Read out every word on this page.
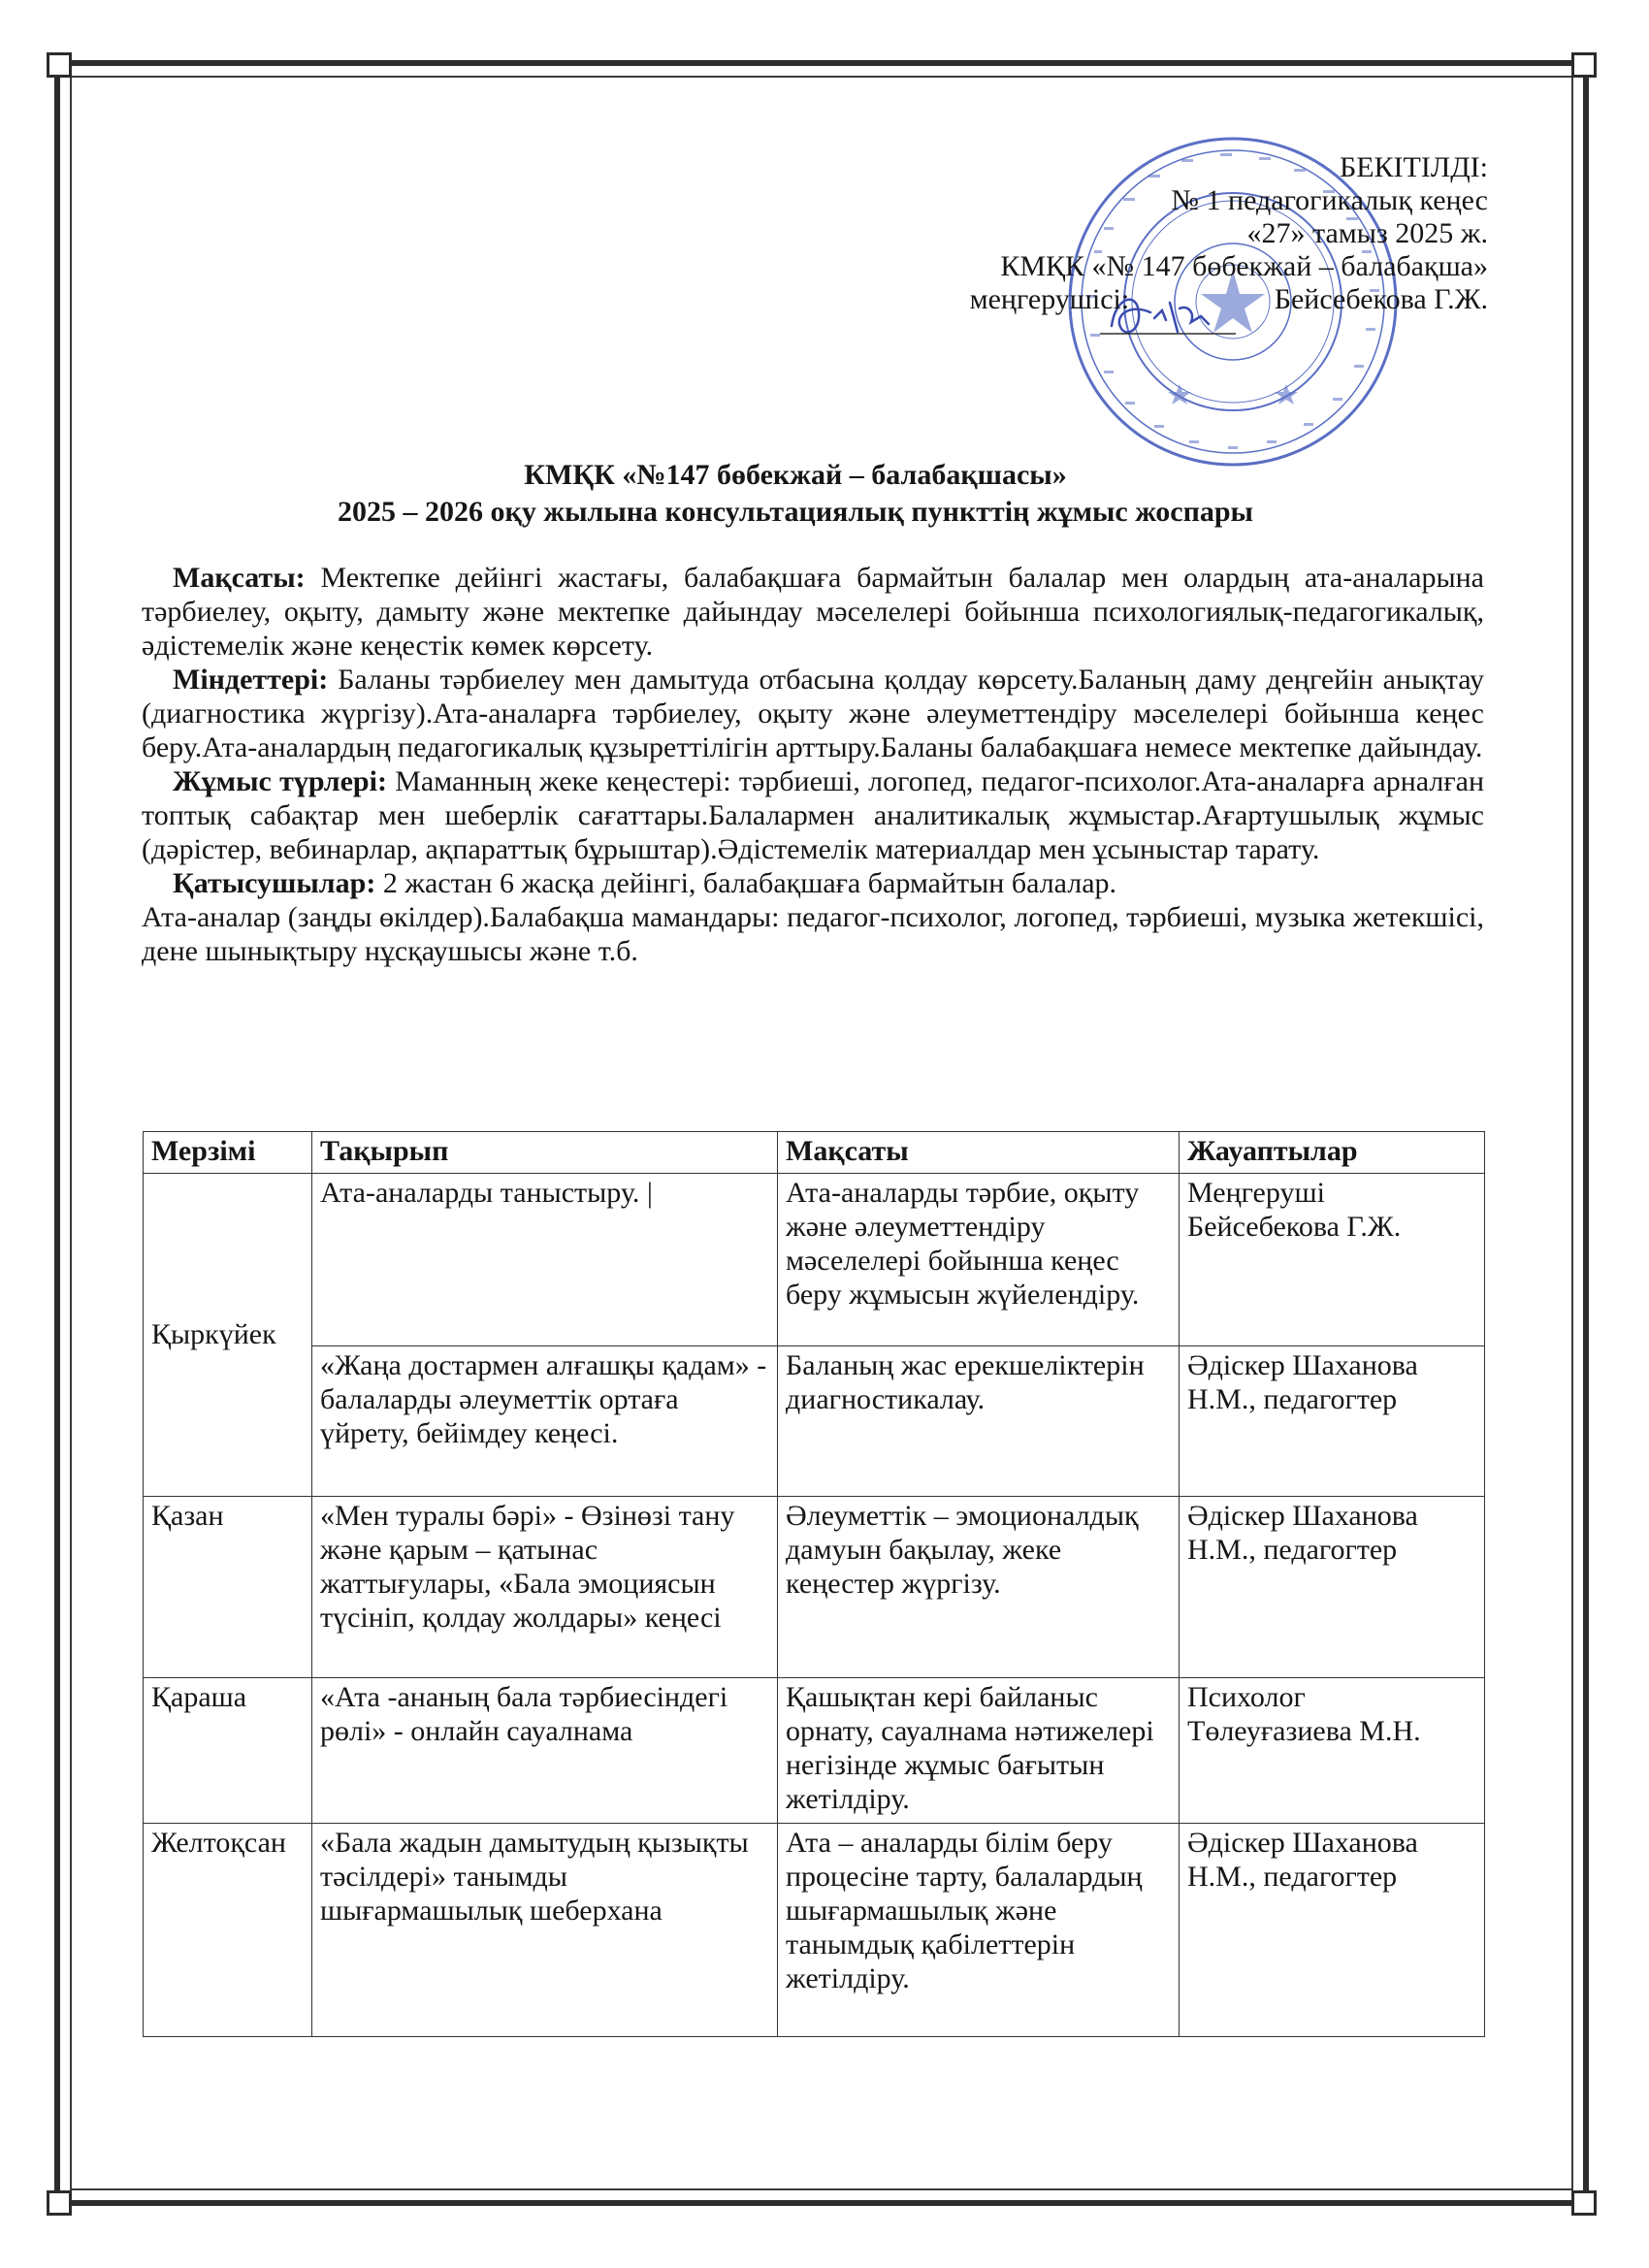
БЕКІТІЛДІ:
№ 1 педагогикалық кеңес
«27» тамыз 2025 ж.
КМҚК «№ 147 бөбекжай – балабақша»
меңгерушісі:	Бейсебекова Г.Ж.
КМҚК «№147 бөбекжай – балабақшасы»
2025 – 2026 оқу жылына консультациялық пункттің жұмыс жоспары

Мақсаты: Мектепке дейінгі жастағы, балабақшаға бармайтын балалар мен олардың ата-аналарына тәрбиелеу, оқыту, дамыту және мектепке дайындау мәселелері бойынша психологиялық-педагогикалық, әдістемелік және кеңестік көмек көрсету.

Міндеттері: Баланы тәрбиелеу мен дамытуда отбасына қолдау көрсету.Баланың даму деңгейін анықтау (диагностика жүргізу).Ата-аналарға тәрбиелеу, оқыту және әлеуметтендіру мәселелері бойынша кеңес беру.Ата-аналардың педагогикалық құзыреттілігін арттыру.Баланы балабақшаға немесе мектепке дайындау.

Жұмыс түрлері: Маманның жеке кеңестері: тәрбиеші, логопед, педагог-психолог.Ата-аналарға арналған топтық сабақтар мен шеберлік сағаттары.Балалармен аналитикалық жұмыстар.Ағартушылық жұмыс (дәрістер, вебинарлар, ақпараттық бұрыштар).Әдістемелік материалдар мен ұсыныстар тарату.

Қатысушылар: 2 жастан 6 жасқа дейінгі, балабақшаға бармайтын балалар.

Ата-аналар (заңды өкілдер).Балабақша мамандары: педагог-психолог, логопед, тәрбиеші, музыка жетекшісі, дене шынықтыру нұсқаушысы және т.б.

Мерзімі	Тақырып	Мақсаты	Жауаптылар
Қыркүйек	Ата-аналарды таныстыру. |	Ата-аналарды тәрбие, оқыту және әлеуметтендіру мәселелері бойынша кеңес беру жұмысын жүйелендіру.	Меңгеруші Бейсебекова Г.Ж.
	«Жаңа достармен алғашқы қадам» - балаларды әлеуметтік ортаға үйрету, бейімдеу кеңесі.	Баланың жас ерекшеліктерін диагностикалау.	Әдіскер Шаханова Н.М., педагогтер
Қазан	«Мен туралы бәрі» - Өзінөзі тану және қарым – қатынас жаттығулары, «Бала эмоциясын түсініп, қолдау жолдары» кеңесі	Әлеуметтік – эмоционалдық дамуын бақылау, жеке кеңестер жүргізу.	Әдіскер Шаханова Н.М., педагогтер
Қараша	«Ата -ананың бала тәрбиесіндегі рөлі» - онлайн сауалнама	Қашықтан кері байланыс орнату, сауалнама нәтижелері негізінде жұмыс бағытын жетілдіру.	Психолог Төлеуғазиева М.Н.
Желтоқсан	«Бала жадын дамытудың қызықты тәсілдері» танымды шығармашылық шеберхана	Ата – аналарды білім беру процесіне тарту, балалардың шығармашылық және танымдық қабілеттерін жетілдіру.	Әдіскер Шаханова Н.М., педагогтер
